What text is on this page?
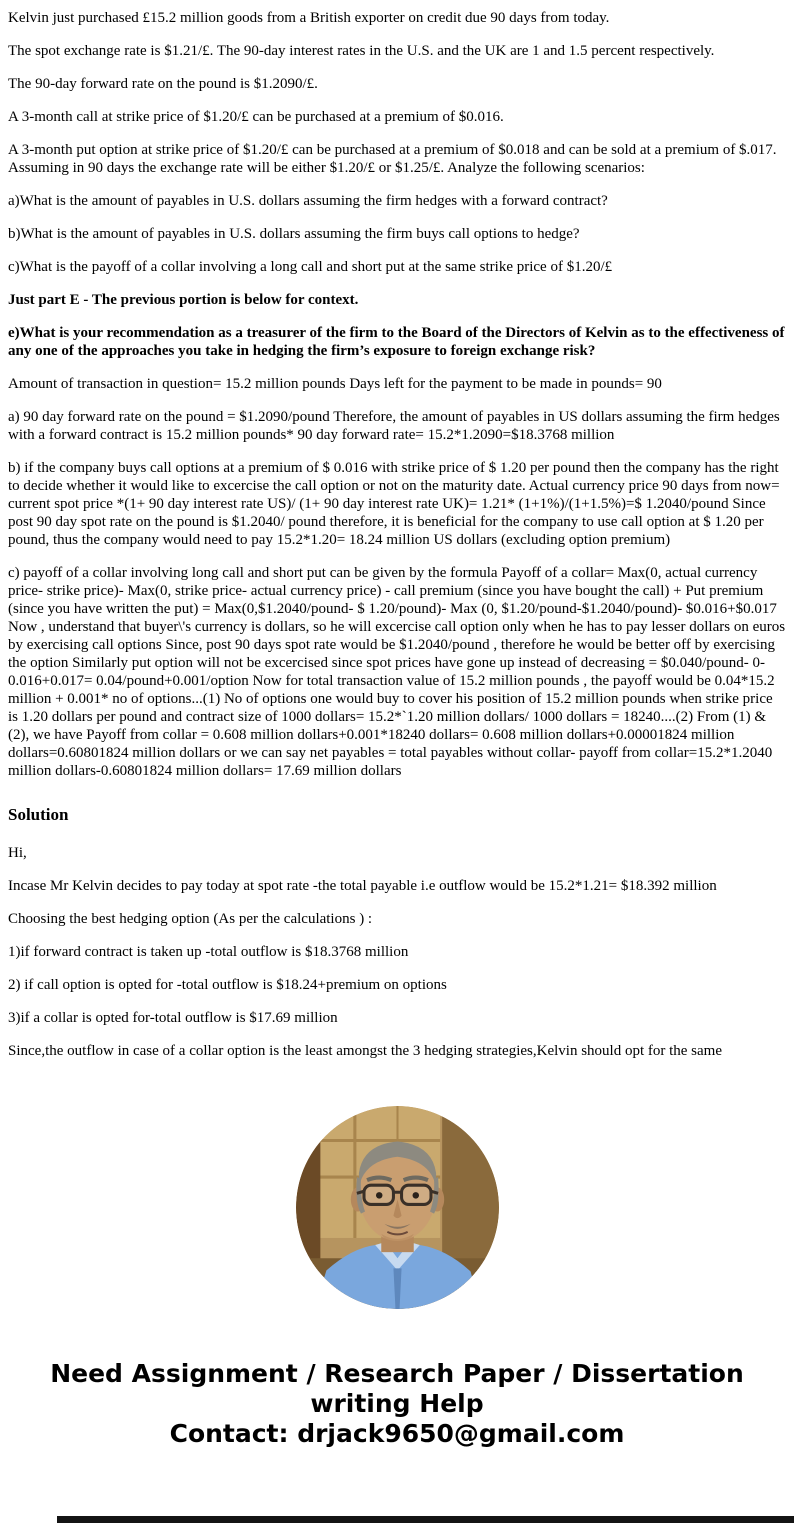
Kelvin just purchased £15.2 million goods from a British exporter on credit due 90 days from today.

The spot exchange rate is $1.21/£. The 90-day interest rates in the U.S. and the UK are 1 and 1.5 percent respectively.

The 90-day forward rate on the pound is $1.2090/£.

A 3-month call at strike price of $1.20/£ can be purchased at a premium of $0.016.

A 3-month put option at strike price of $1.20/£ can be purchased at a premium of $0.018 and can be sold at a premium of $.017. Assuming in 90 days the exchange rate will be either $1.20/£ or $1.25/£. Analyze the following scenarios:

a)What is the amount of payables in U.S. dollars assuming the firm hedges with a forward contract?

b)What is the amount of payables in U.S. dollars assuming the firm buys call options to hedge?

c)What is the payoff of a collar involving a long call and short put at the same strike price of $1.20/£

Just part E - The previous portion is below for context.

e)What is your recommendation as a treasurer of the firm to the Board of the Directors of Kelvin as to the effectiveness of any one of the approaches you take in hedging the firm’s exposure to foreign exchange risk?

Amount of transaction in question= 15.2 million pounds Days left for the payment to be made in pounds= 90

a) 90 day forward rate on the pound = $1.2090/pound Therefore, the amount of payables in US dollars assuming the firm hedges with a forward contract is 15.2 million pounds* 90 day forward rate= 15.2*1.2090=$18.3768 million

b) if the company buys call options at a premium of $ 0.016 with strike price of $ 1.20 per pound then the company has the right to decide whether it would like to excercise the call option or not on the maturity date. Actual currency price 90 days from now= current spot price *(1+ 90 day interest rate US)/ (1+ 90 day interest rate UK)= 1.21* (1+1%)/(1+1.5%)=$ 1.2040/pound Since post 90 day spot rate on the pound is $1.2040/ pound therefore, it is beneficial for the company to use call option at $ 1.20 per pound, thus the company would need to pay 15.2*1.20= 18.24 million US dollars (excluding option premium)

c) payoff of a collar involving long call and short put can be given by the formula Payoff of a collar= Max(0, actual currency price- strike price)- Max(0, strike price- actual currency price) - call premium (since you have bought the call) + Put premium (since you have written the put) = Max(0,$1.2040/pound- $ 1.20/pound)- Max (0, $1.20/pound-$1.2040/pound)- $0.016+$0.017 Now , understand that buyer\'s currency is dollars, so he will excercise call option only when he has to pay lesser dollars on euros by exercising call options Since, post 90 days spot rate would be $1.2040/pound , therefore he would be better off by exercising the option Similarly put option will not be excercised since spot prices have gone up instead of decreasing = $0.040/pound- 0-0.016+0.017= 0.04/pound+0.001/option Now for total transaction value of 15.2 million pounds , the payoff would be 0.04*15.2 million + 0.001* no of options...(1) No of options one would buy to cover his position of 15.2 million pounds when strike price is 1.20 dollars per pound and contract size of 1000 dollars= 15.2*`1.20 million dollars/ 1000 dollars = 18240....(2) From (1) & (2), we have Payoff from collar = 0.608 million dollars+0.001*18240 dollars= 0.608 million dollars+0.00001824 million dollars=0.60801824 million dollars or we can say net payables = total payables without collar- payoff from collar=15.2*1.2040 million dollars-0.60801824 million dollars= 17.69 million dollars

Solution

Hi,

Incase Mr Kelvin decides to pay today at spot rate -the total payable i.e outflow would be 15.2*1.21= $18.392 million

Choosing the best hedging option (As per the calculations ) :

1)if forward contract is taken up -total outflow is $18.3768 million

2) if call option is opted for -total outflow is $18.24+premium on options

3)if a collar is opted for-total outflow is $17.69 million

Since,the outflow in case of a collar option is the least amongst the 3 hedging strategies,Kelvin should opt for the same

Need Assignment / Research Paper / Dissertation writing Help
Contact: drjack9650@gmail.com
